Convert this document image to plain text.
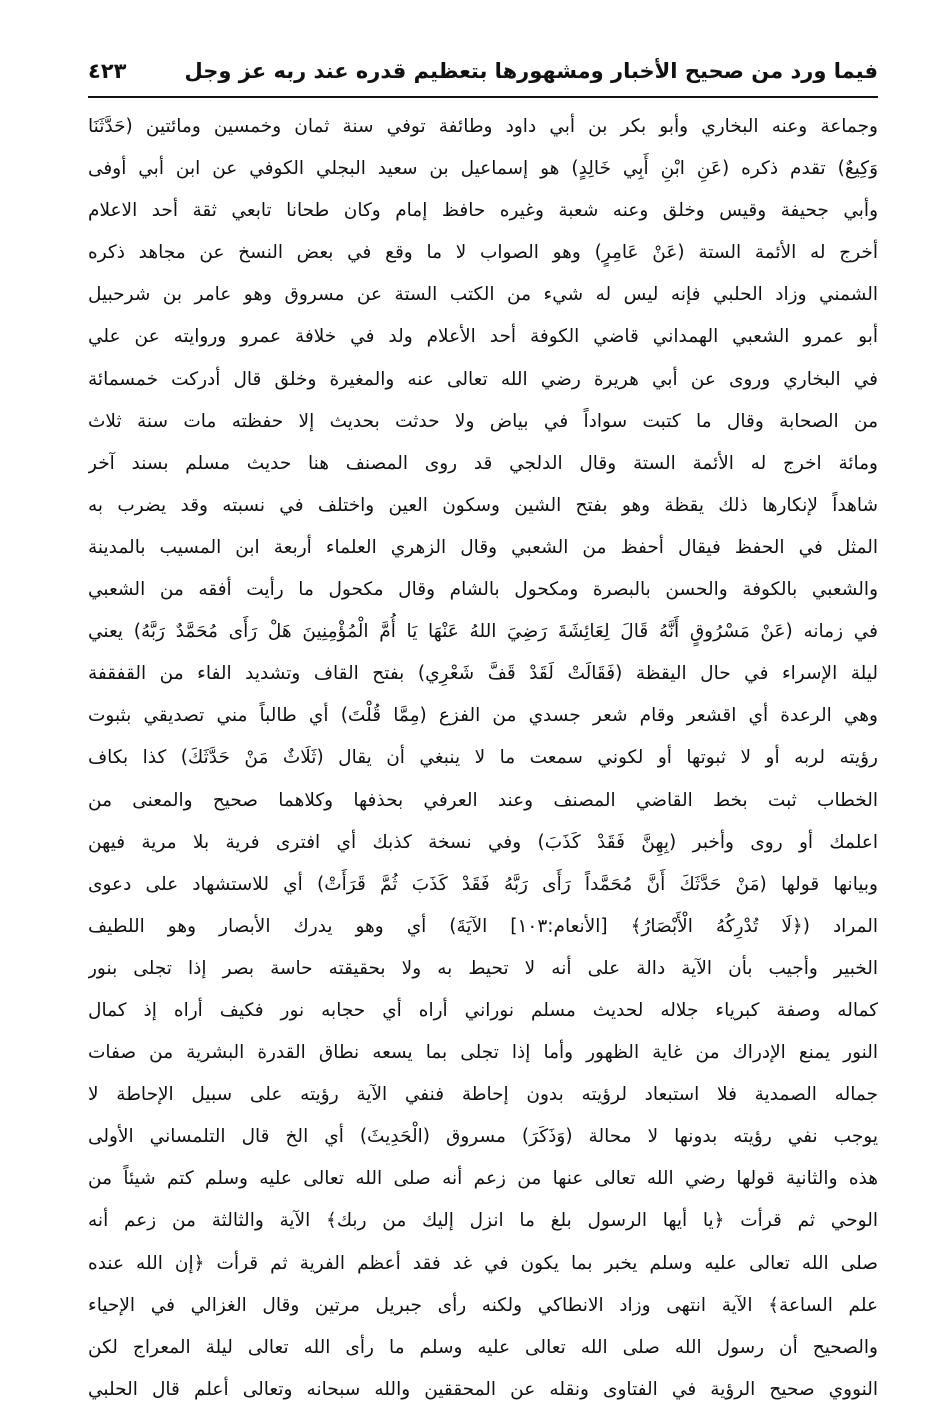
فيما ورد من صحيح الأخبار ومشهورها بتعظيم قدره عند ربه عز وجل
٤٢٣
وجماعة وعنه البخاري وأبو بكر بن أبي داود وطائفة توفي سنة ثمان وخمسين ومائتين (حَدَّثَنَا
وَكِيعٌ) تقدم ذكره (عَنِ ابْنِ أَبِي خَالِدٍ) هو إسماعيل بن سعيد البجلي الكوفي عن ابن أبي أوفى
وأبي جحيفة وقيس وخلق وعنه شعبة وغيره حافظ إمام وكان طحانا تابعي ثقة أحد الاعلام
أخرج له الأئمة الستة (عَنْ عَامِرٍ) وهو الصواب لا ما وقع في بعض النسخ عن مجاهد ذكره
الشمني وزاد الحلبي فإنه ليس له شيء من الكتب الستة عن مسروق وهو عامر بن شرحبيل
أبو عمرو الشعبي الهمداني قاضي الكوفة أحد الأعلام ولد في خلافة عمرو وروايته عن علي
في البخاري وروى عن أبي هريرة رضي الله تعالى عنه والمغيرة وخلق قال أدركت خمسمائة
من الصحابة وقال ما كتبت سواداً في بياض ولا حدثت بحديث إلا حفظته مات سنة ثلاث
ومائة اخرج له الأئمة الستة وقال الدلجي قد روى المصنف هنا حديث مسلم بسند آخر
شاهداً لإنكارها ذلك يقظة وهو بفتح الشين وسكون العين واختلف في نسبته وقد يضرب به
المثل في الحفظ فيقال أحفظ من الشعبي وقال الزهري العلماء أربعة ابن المسيب بالمدينة
والشعبي بالكوفة والحسن بالبصرة ومكحول بالشام وقال مكحول ما رأيت أفقه من الشعبي
في زمانه (عَنْ مَسْرُوقٍ أَنَّهُ قَالَ لِعَائِشَةَ رَضِيَ اللهُ عَنْهَا يَا أُمَّ الْمُؤْمِنِينَ هَلْ رَأَى مُحَمَّدٌ رَبَّهُ) يعني
ليلة الإسراء في حال اليقظة (فَقَالَتْ لَقَدْ قَفَّ شَعْرِي) بفتح القاف وتشديد الفاء من القفقفة
وهي الرعدة أي اقشعر وقام شعر جسدي من الفزع (مِمَّا قُلْتَ) أي طالباً مني تصديقي بثبوت
رؤيته لربه أو لا ثبوتها أو لكوني سمعت ما لا ينبغي أن يقال (ثَلَاثٌ مَنْ حَدَّثَكَ) كذا بكاف
الخطاب ثبت بخط القاضي المصنف وعند العرفي بحذفها وكلاهما صحيح والمعنى من
اعلمك أو روى وأخبر (بِهِنَّ فَقَدْ كَذَبَ) وفي نسخة كذبك أي افترى فرية بلا مرية فيهن
وبيانها قولها (مَنْ حَدَّثَكَ أَنَّ مُحَمَّداً رَأَى رَبَّهُ فَقَدْ كَذَبَ ثُمَّ قَرَأَتْ) أي للاستشهاد على دعوى
المراد (﴿لَا تُدْرِكُهُ الْأَبْصَارُ﴾ [الأنعام:١٠٣] الآيَةَ) أي وهو يدرك الأبصار وهو اللطيف
الخبير وأجيب بأن الآية دالة على أنه لا تحيط به ولا بحقيقته حاسة بصر إذا تجلى بنور
كماله وصفة كبرياء جلاله لحديث مسلم نوراني أراه أي حجابه نور فكيف أراه إذ كمال
النور يمنع الإدراك من غاية الظهور وأما إذا تجلى بما يسعه نطاق القدرة البشرية من صفات
جماله الصمدية فلا استبعاد لرؤيته بدون إحاطة فنفي الآية رؤيته على سبيل الإحاطة لا
يوجب نفي رؤيته بدونها لا محالة (وَذَكَرَ) مسروق (الْحَدِيثَ) أي الخ قال التلمساني الأولى
هذه والثانية قولها رضي الله تعالى عنها من زعم أنه صلى الله تعالى عليه وسلم كتم شيئاً من
الوحي ثم قرأت ﴿يا أيها الرسول بلغ ما انزل إليك من ربك﴾ الآية والثالثة من زعم أنه
صلى الله تعالى عليه وسلم يخبر بما يكون في غد فقد أعظم الفرية ثم قرأت ﴿إن الله عنده
علم الساعة﴾ الآية انتهى وزاد الانطاكي ولكنه رأى جبريل مرتين وقال الغزالي في الإحياء
والصحيح أن رسول الله صلى الله تعالى عليه وسلم ما رأى الله تعالى ليلة المعراج لكن
النووي صحيح الرؤية في الفتاوى ونقله عن المحققين والله سبحانه وتعالى أعلم قال الحلبي
